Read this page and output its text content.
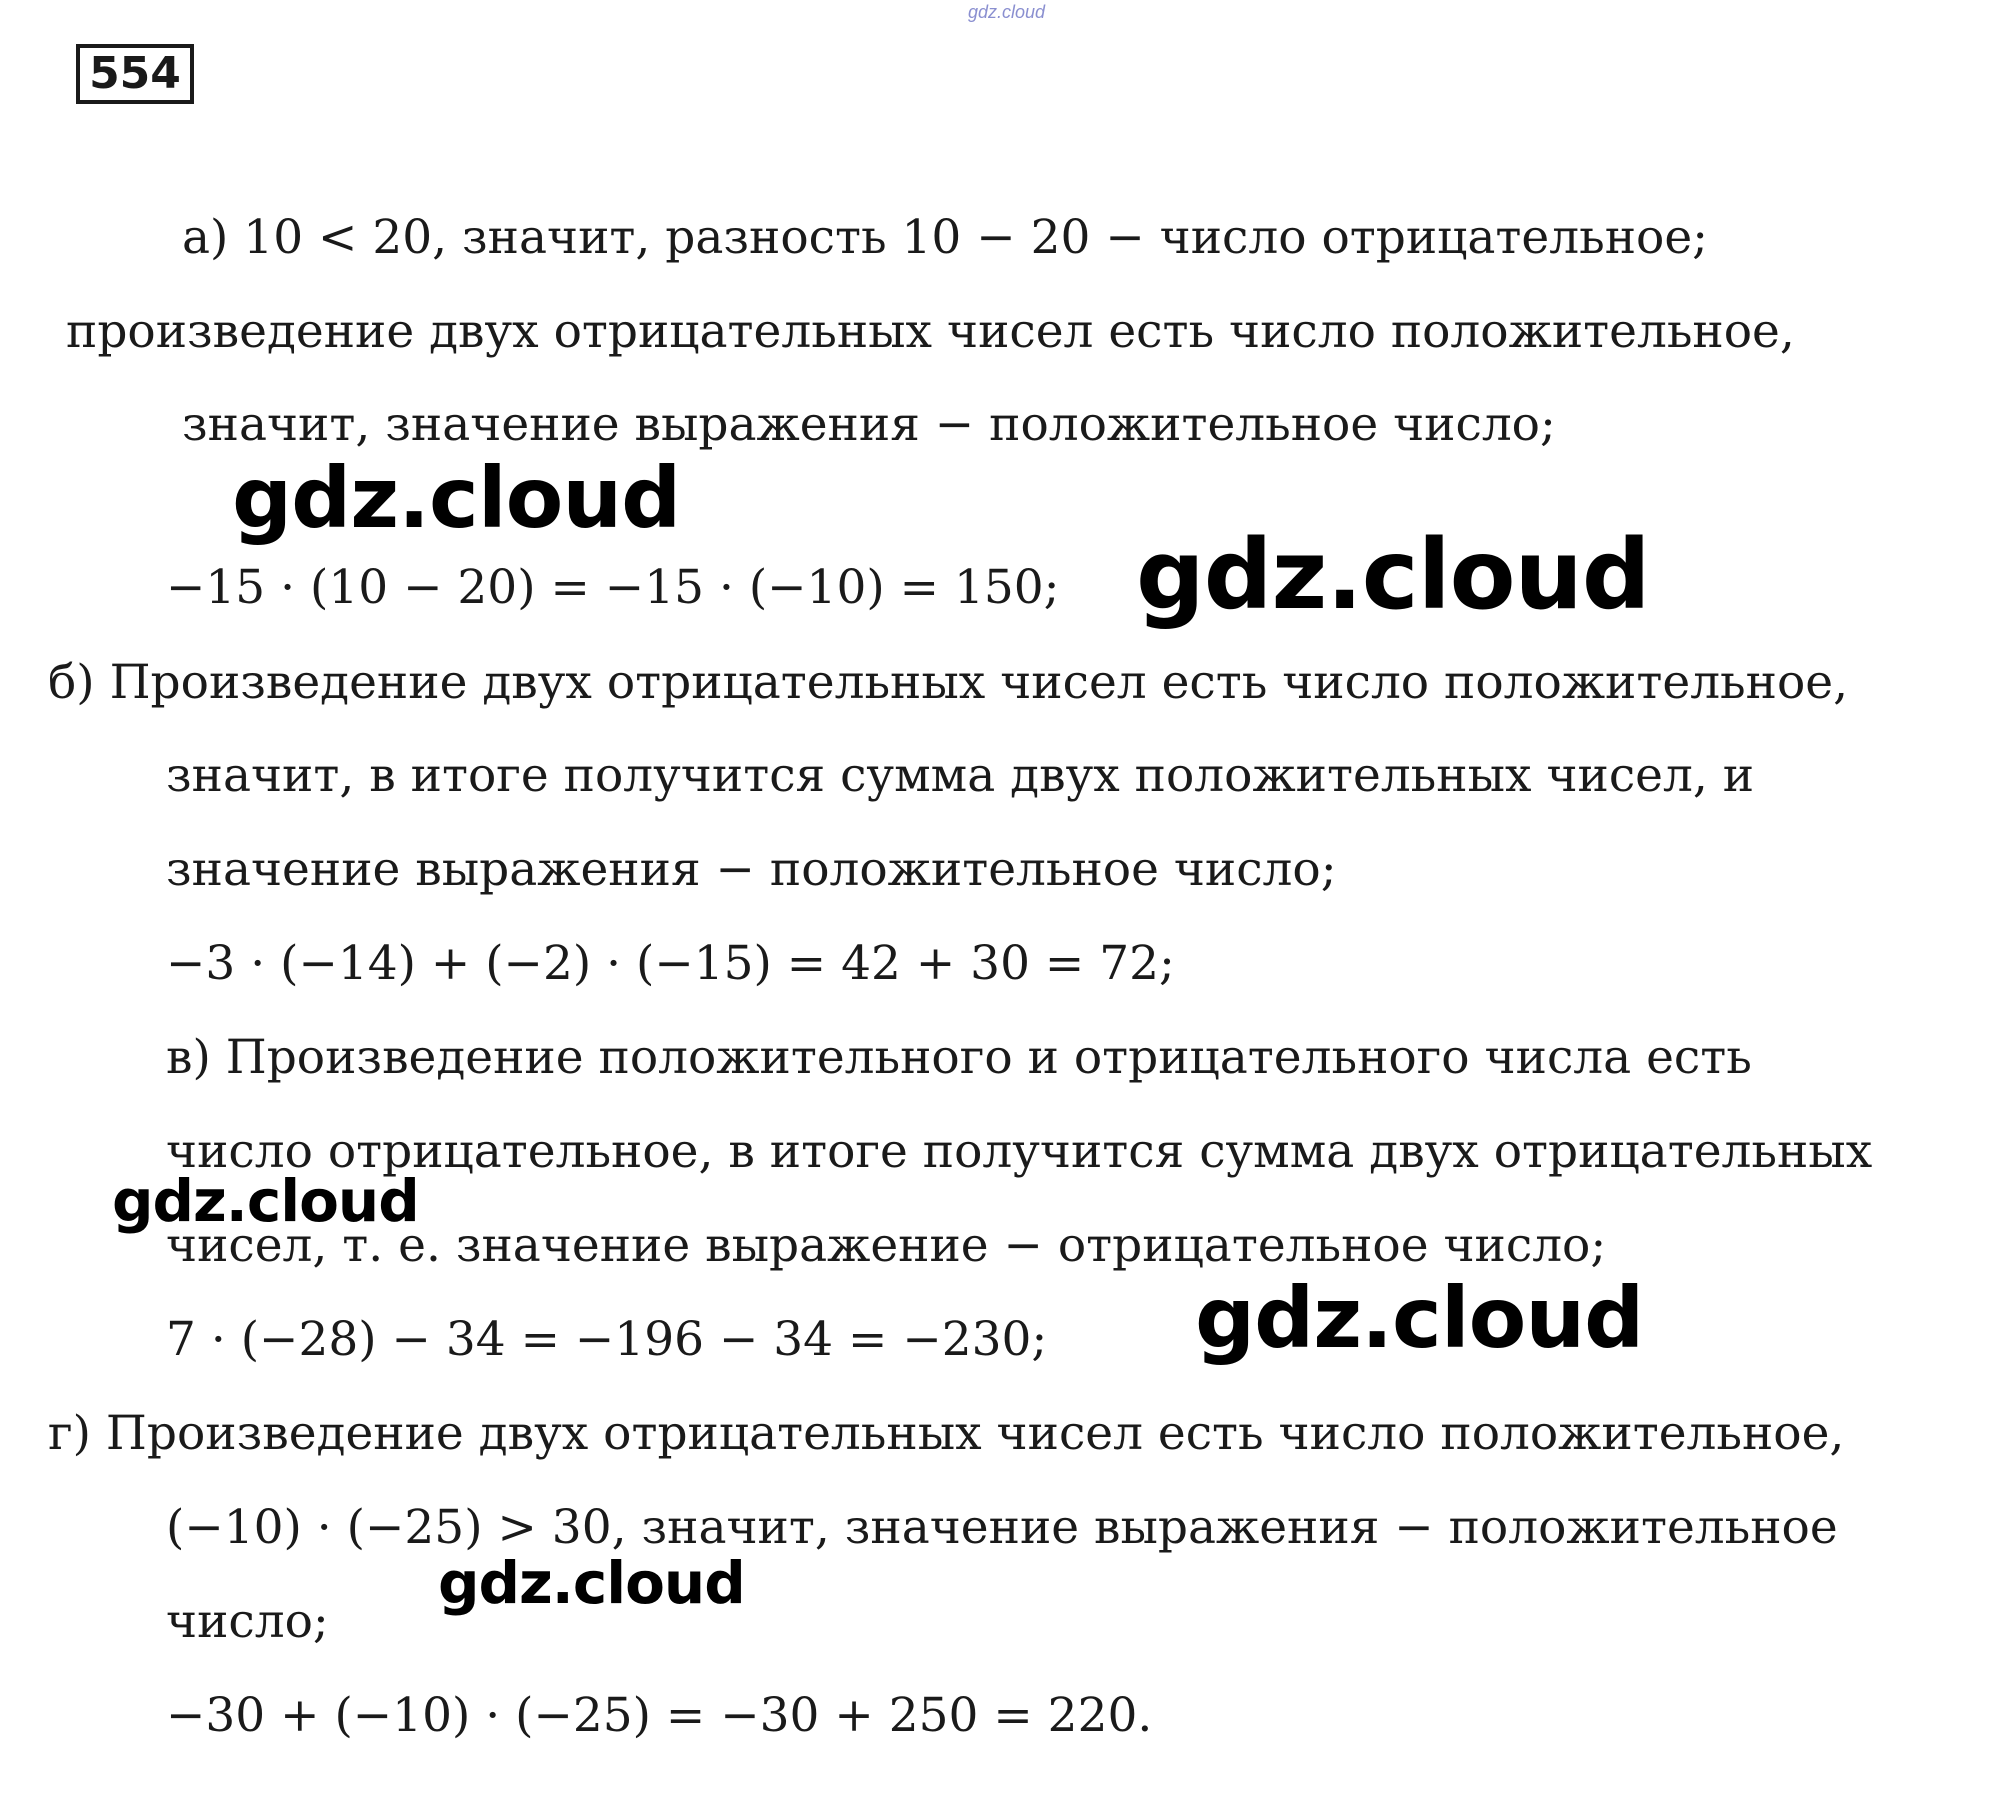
gdz.cloud
554
а) 10 < 20, значит, разность 10 − 20 − число отрицательное;
произведение двух отрицательных чисел есть число положительное,
значит, значение выражения − положительное число;
−15 · (10 − 20) = −15 · (−10) = 150;
б) Произведение двух отрицательных чисел есть число положительное,
значит, в итоге получится сумма двух положительных чисел, и
значение выражения − положительное число;
−3 · (−14) + (−2) · (−15) = 42 + 30 = 72;
в) Произведение положительного и отрицательного числа есть
число отрицательное, в итоге получится сумма двух отрицательных
чисел, т. е. значение выражение − отрицательное число;
7 · (−28) − 34 = −196 − 34 = −230;
г) Произведение двух отрицательных чисел есть число положительное,
(−10) · (−25) > 30, значит, значение выражения − положительное
число;
−30 + (−10) · (−25) = −30 + 250 = 220.
gdz.cloud
gdz.cloud
gdz.cloud
gdz.cloud
gdz.cloud
